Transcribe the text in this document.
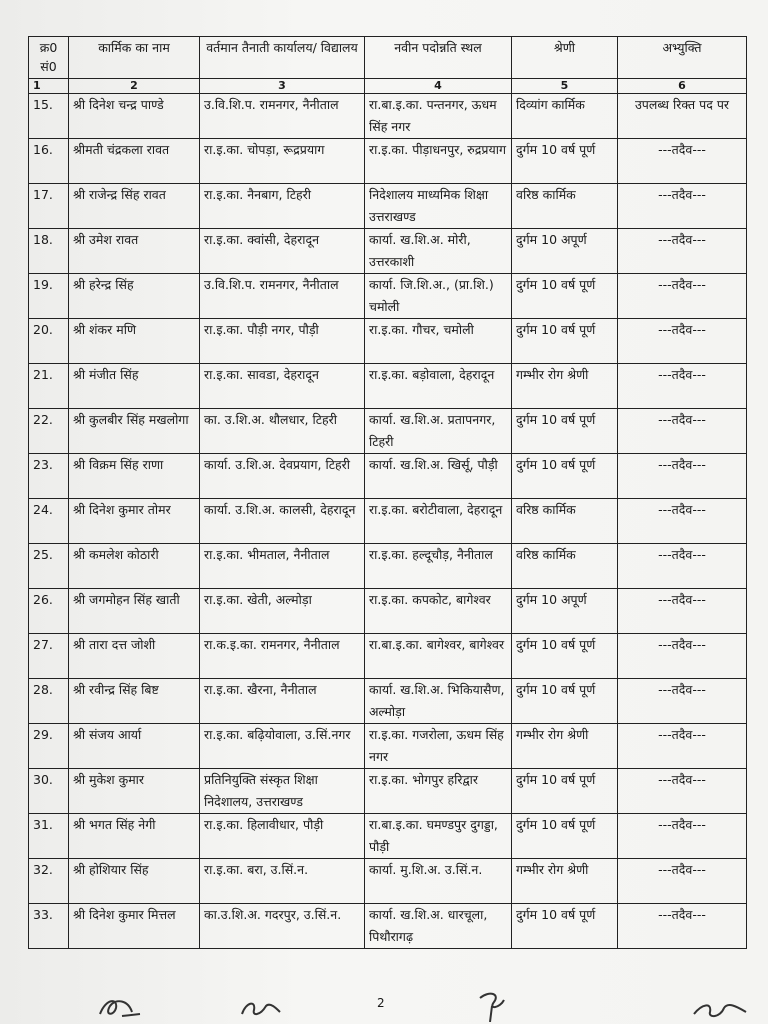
क्र0 सं0	कार्मिक का नाम	वर्तमान तैनाती कार्यालय/ विद्यालय	नवीन पदोन्नति स्थल	श्रेणी	अभ्युक्ति
1	2	3	4	5	6
15.	श्री दिनेश चन्द्र पाण्डे	उ.वि.शि.प. रामनगर, नैनीताल	रा.बा.इ.का. पन्तनगर, ऊधम सिंह नगर	दिव्यांग कार्मिक	उपलब्ध रिक्त पद पर
16.	श्रीमती चंद्रकला रावत	रा.इ.का. चोपड़ा, रूद्रप्रयाग	रा.इ.का. पीड़ाधनपुर, रुद्रप्रयाग	दुर्गम 10 वर्ष पूर्ण	---तदैव---
17.	श्री राजेन्द्र सिंह रावत	रा.इ.का. नैनबाग, टिहरी	निदेशालय माध्यमिक शिक्षा उत्तराखण्ड	वरिष्ठ कार्मिक	---तदैव---
18.	श्री उमेश रावत	रा.इ.का. क्वांसी, देहरादून	कार्या. ख.शि.अ. मोरी, उत्तरकाशी	दुर्गम 10 अपूर्ण	---तदैव---
19.	श्री हरेन्द्र सिंह	उ.वि.शि.प. रामनगर, नैनीताल	कार्या. जि.शि.अ., (प्रा.शि.) चमोली	दुर्गम 10 वर्ष पूर्ण	---तदैव---
20.	श्री शंकर मणि	रा.इ.का. पौड़ी नगर, पौड़ी	रा.इ.का. गौचर, चमोली	दुर्गम 10 वर्ष पूर्ण	---तदैव---
21.	श्री मंजीत सिंह	रा.इ.का. सावडा, देहरादून	रा.इ.का. बड़ोवाला, देहरादून	गम्भीर रोग श्रेणी	---तदैव---
22.	श्री कुलबीर सिंह मखलोगा	का. उ.शि.अ. थौलधार, टिहरी	कार्या. ख.शि.अ. प्रतापनगर, टिहरी	दुर्गम 10 वर्ष पूर्ण	---तदैव---
23.	श्री विक्रम सिंह राणा	कार्या. उ.शि.अ. देवप्रयाग, टिहरी	कार्या. ख.शि.अ. खिर्सू, पौड़ी	दुर्गम 10 वर्ष पूर्ण	---तदैव---
24.	श्री दिनेश कुमार तोमर	कार्या. उ.शि.अ. कालसी, देहरादून	रा.इ.का. बरोटीवाला, देहरादून	वरिष्ठ कार्मिक	---तदैव---
25.	श्री कमलेश कोठारी	रा.इ.का. भीमताल, नैनीताल	रा.इ.का. हल्दूचौड़, नैनीताल	वरिष्ठ कार्मिक	---तदैव---
26.	श्री जगमोहन सिंह खाती	रा.इ.का. खेती, अल्मोड़ा	रा.इ.का. कपकोट, बागेश्वर	दुर्गम 10 अपूर्ण	---तदैव---
27.	श्री तारा दत्त जोशी	रा.क.इ.का. रामनगर, नैनीताल	रा.बा.इ.का. बागेश्वर, बागेश्वर	दुर्गम 10 वर्ष पूर्ण	---तदैव---
28.	श्री रवीन्द्र सिंह बिष्ट	रा.इ.का. खैरना, नैनीताल	कार्या. ख.शि.अ. भिकियासैण, अल्मोड़ा	दुर्गम 10 वर्ष पूर्ण	---तदैव---
29.	श्री संजय आर्या	रा.इ.का. बढ़ियोवाला, उ.सिं.नगर	रा.इ.का. गजरोला, ऊधम सिंह नगर	गम्भीर रोग श्रेणी	---तदैव---
30.	श्री मुकेश कुमार	प्रतिनियुक्ति संस्कृत शिक्षा निदेशालय, उत्तराखण्ड	रा.इ.का. भोगपुर हरिद्वार	दुर्गम 10 वर्ष पूर्ण	---तदैव---
31.	श्री भगत सिंह नेगी	रा.इ.का. हिलावीधार, पौड़ी	रा.बा.इ.का. घमण्डपुर दुगड्डा, पौड़ी	दुर्गम 10 वर्ष पूर्ण	---तदैव---
32.	श्री होशियार सिंह	रा.इ.का. बरा, उ.सिं.न.	कार्या. मु.शि.अ. उ.सिं.न.	गम्भीर रोग श्रेणी	---तदैव---
33.	श्री दिनेश कुमार मित्तल	का.उ.शि.अ. गदरपुर, उ.सिं.न.	कार्या. ख.शि.अ. धारचूला, पिथौरागढ़	दुर्गम 10 वर्ष पूर्ण	---तदैव---
2
